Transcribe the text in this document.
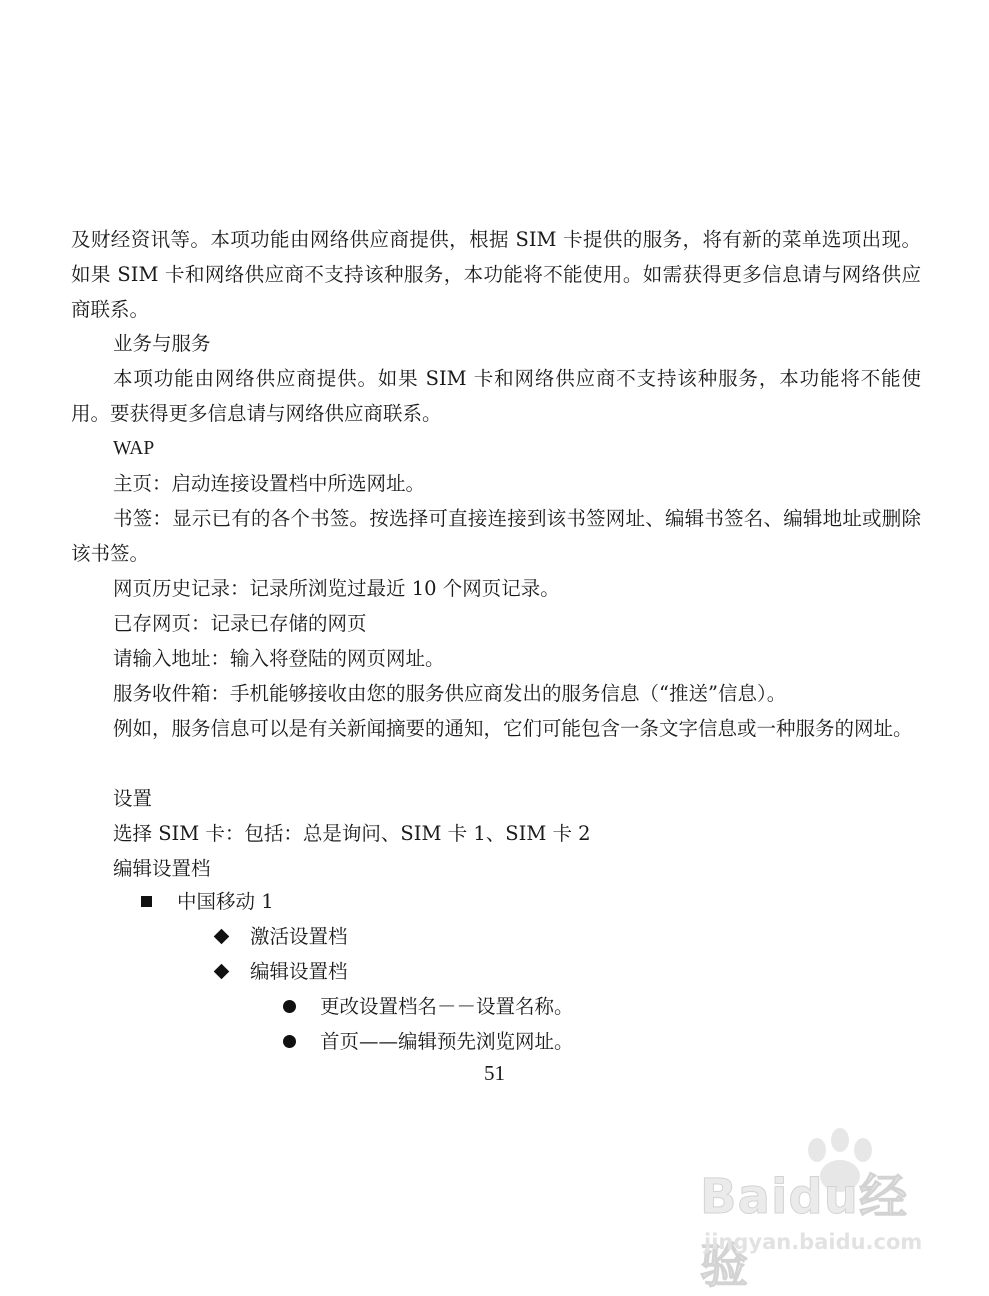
及财经资讯等。本项功能由网络供应商提供，根据 SIM 卡提供的服务，将有新的菜单选项出现。如果 SIM 卡和网络供应商不支持该种服务，本功能将不能使用。如需获得更多信息请与网络供应商联系。

业务与服务

本项功能由网络供应商提供。如果 SIM 卡和网络供应商不支持该种服务，本功能将不能使用。要获得更多信息请与网络供应商联系。

WAP

主页：启动连接设置档中所选网址。

书签：显示已有的各个书签。按选择可直接连接到该书签网址、编辑书签名、编辑地址或删除该书签。

网页历史记录：记录所浏览过最近 10 个网页记录。

已存网页：记录已存储的网页

请输入地址：输入将登陆的网页网址。

服务收件箱：手机能够接收由您的服务供应商发出的服务信息（“推送”信息）。

例如，服务信息可以是有关新闻摘要的通知，它们可能包含一条文字信息或一种服务的网址。

设置

选择 SIM 卡：包括：总是询问、SIM 卡 1、SIM 卡 2

编辑设置档

中国移动 1
激活设置档
编辑设置档
更改设置档名－－设置名称。
首页——编辑预先浏览网址。
51
Baidu经验
jingyan.baidu.com
